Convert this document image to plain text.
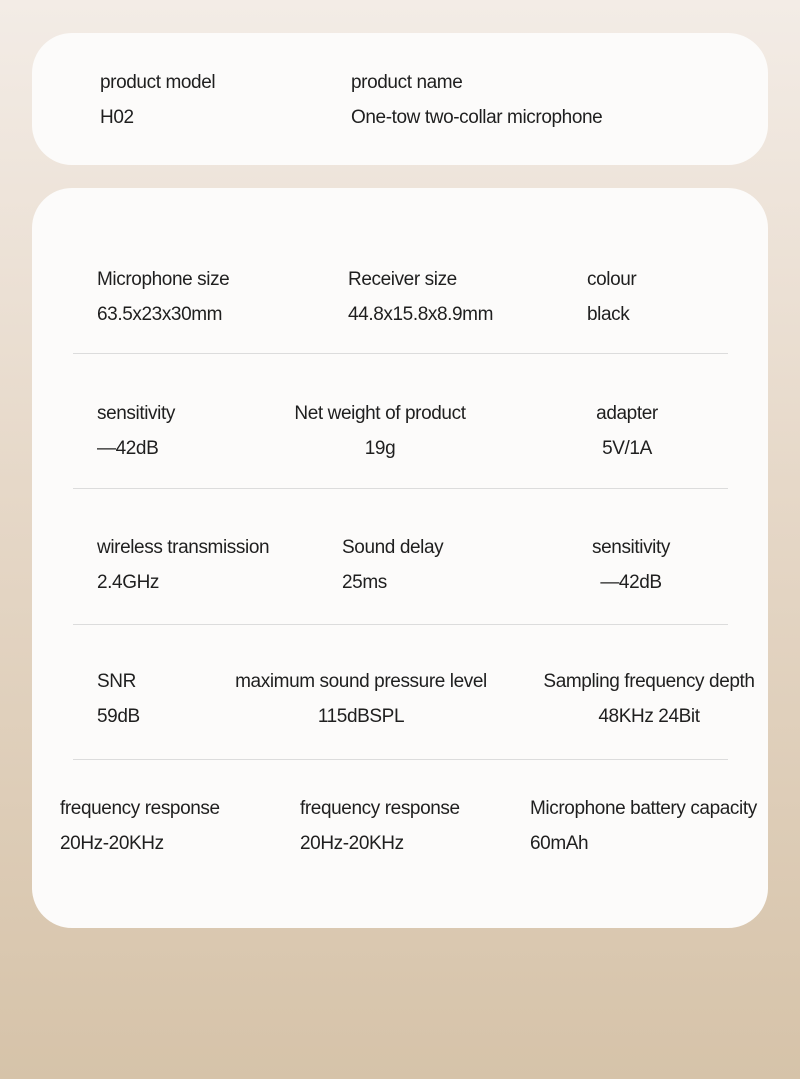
product model
H02
product name
One-tow two-collar microphone
Microphone size
63.5x23x30mm
Receiver size
44.8x15.8x8.9mm
colour
black
sensitivity
—42dB
Net weight of product
19g
adapter
5V/1A
wireless transmission
2.4GHz
Sound delay
25ms
sensitivity
—42dB
SNR
59dB
maximum sound pressure level
115dBSPL
Sampling frequency depth
48KHz 24Bit
frequency response
20Hz-20KHz
frequency response
20Hz-20KHz
Microphone battery capacity
60mAh
